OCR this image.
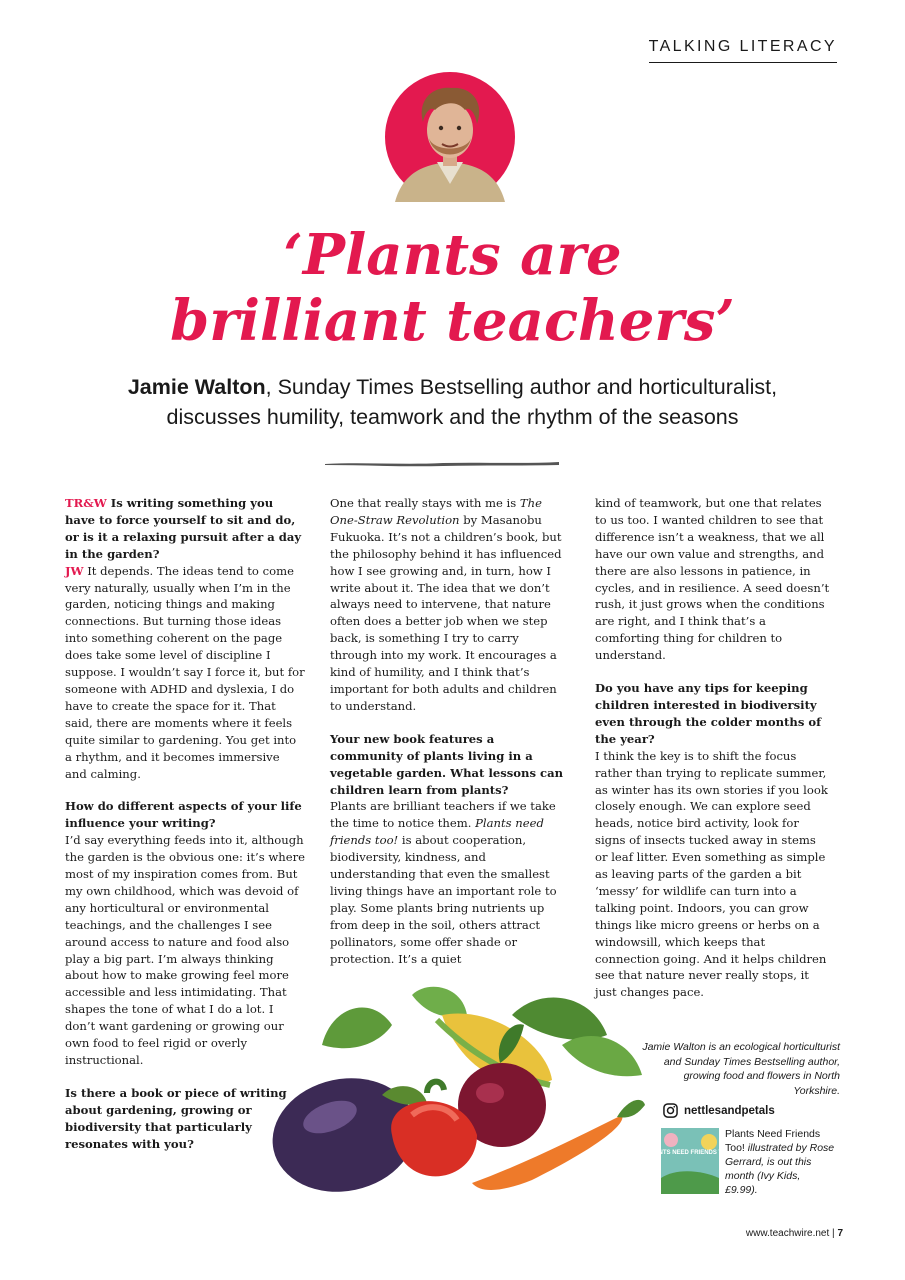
TALKING LITERACY
‘Plants are
brilliant teachers’
Jamie Walton, Sunday Times Bestselling author and horticulturalist,
discusses humility, teamwork and the rhythm of the seasons

TR&W Is writing something you have to force yourself to sit and do, or is it a relaxing pursuit after a day in the garden?

JW It depends. The ideas tend to come very naturally, usually when I’m in the garden, noticing things and making connections. But turning those ideas into something coherent on the page does take some level of discipline I suppose. I wouldn’t say I force it, but for someone with ADHD and dyslexia, I do have to create the space for it. That said, there are moments where it feels quite similar to gardening. You get into a rhythm, and it becomes immersive and calming.

How do different aspects of your life influence your writing?

I’d say everything feeds into it, although the garden is the obvious one: it’s where most of my inspiration comes from. But my own childhood, which was devoid of any horticultural or environmental teachings, and the challenges I see around access to nature and food also play a big part. I’m always thinking about how to make growing feel more accessible and less intimidating. That shapes the tone of what I do a lot. I don’t want gardening or growing our own food to feel rigid or overly instructional.

Is there a book or piece of writing about gardening, growing or biodiversity that particularly resonates with you?

One that really stays with me is The One-Straw Revolution by Masanobu Fukuoka. It’s not a children’s book, but the philosophy behind it has influenced how I see growing and, in turn, how I write about it. The idea that we don’t always need to intervene, that nature often does a better job when we step back, is something I try to carry through into my work. It encourages a kind of humility, and I think that’s important for both adults and children to understand.

Your new book features a community of plants living in a vegetable garden. What lessons can children learn from plants?

Plants are brilliant teachers if we take the time to notice them. Plants need friends too! is about cooperation, biodiversity, kindness, and understanding that even the smallest living things have an important role to play. Some plants bring nutrients up from deep in the soil, others attract pollinators, some offer shade or protection. It’s a quiet

kind of teamwork, but one that relates to us too. I wanted children to see that difference isn’t a weakness, that we all have our own value and strengths, and there are also lessons in patience, in cycles, and in resilience. A seed doesn’t rush, it just grows when the conditions are right, and I think that’s a comforting thing for children to understand.

Do you have any tips for keeping children interested in biodiversity even through the colder months of the year?

I think the key is to shift the focus rather than trying to replicate summer, as winter has its own stories if you look closely enough. We can explore seed heads, notice bird activity, look for signs of insects tucked away in stems or leaf litter. Even something as simple as leaving parts of the garden a bit ‘messy’ for wildlife can turn into a talking point. Indoors, you can grow things like micro greens or herbs on a windowsill, which keeps that connection going. And it helps children see that nature never really stops, it just changes pace.

Jamie Walton is an ecological horticulturist and Sunday Times Bestselling author, growing food and flowers in North Yorkshire.
nettlesandpetals
PLANTS NEED FRIENDS TOO!
Plants Need Friends Too! illustrated by Rose Gerrard, is out this month (Ivy Kids, £9.99).
www.teachwire.net | 7
